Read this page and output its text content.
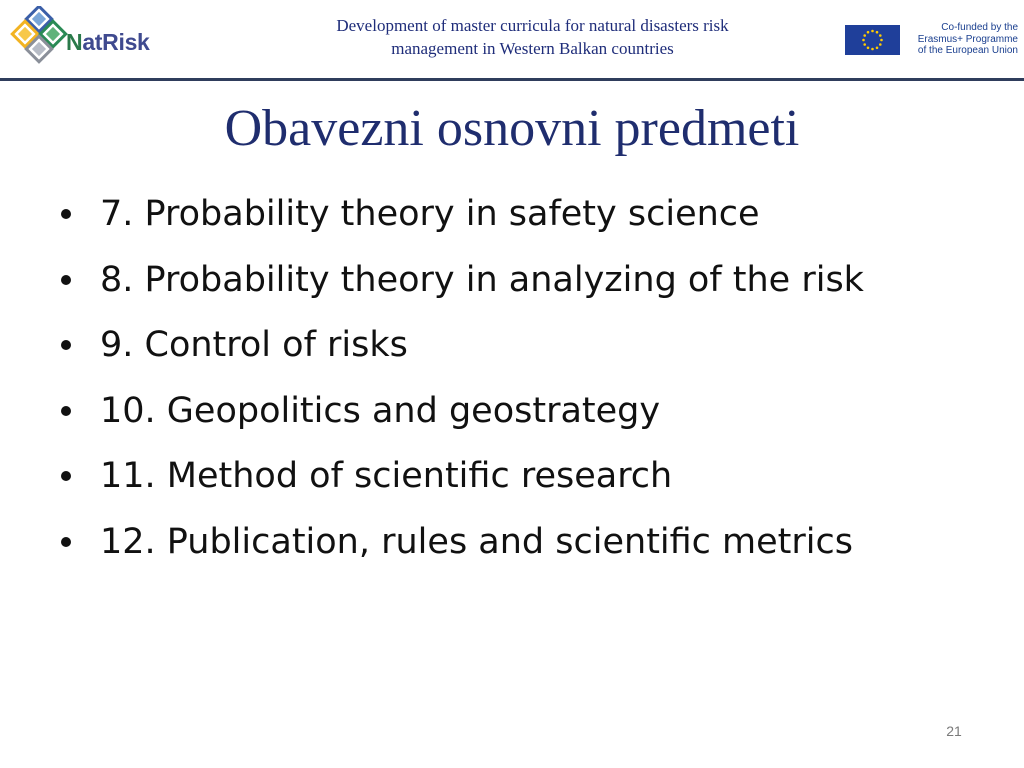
NatRisk
Development of master curricula for natural disasters risk
management in Western Balkan countries
Co-funded by the
Erasmus+ Programme
of the European Union
Obavezni osnovni predmeti
7. Probability theory in safety science
8. Probability theory in analyzing of the risk
9. Control of risks
10. Geopolitics and geostrategy
11. Method of scientific research
12. Publication, rules and scientific metrics
21
